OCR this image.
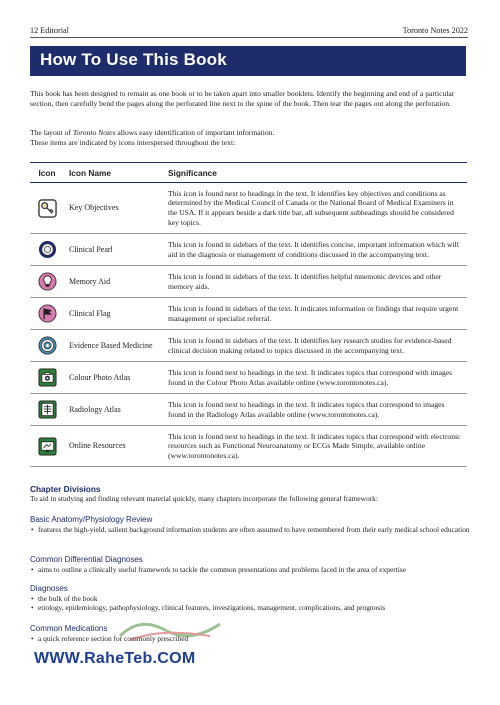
12 Editorial	Toronto Notes 2022
How To Use This Book
This book has been designed to remain as one book or to be taken apart into smaller booklets. Identify the beginning and end of a particular section, then carefully bend the pages along the perforated line next to the spine of the book. Then tear the pages out along the perforation.
The layout of Toronto Notes allows easy identification of important information.
These items are indicated by icons interspersed throughout the text:
Icon	Icon Name	Significance
	Key Objectives	This icon is found next to headings in the text. It identifies key objectives and conditions as determined by the Medical Council of Canada or the National Board of Medical Examiners in the USA. If it appears beside a dark title bar, all subsequent subheadings should be considered key topics.
	Clinical Pearl	This icon is found in sidebars of the text. It identifies concise, important information which will aid in the diagnosis or management of conditions discussed in the accompanying text.
	Memory Aid	This icon is found in sidebars of the text. It identifies helpful mnemonic devices and other memory aids.
	Clinical Flag	This icon is found in sidebars of the text. It indicates information or findings that require urgent management or specialist referral.
	Evidence Based Medicine	This icon is found in sidebars of the text. It identifies key research studies for evidence-based clinical decision making related to topics discussed in the accompanying text.
	Colour Photo Atlas	This icon is found next to headings in the text. It indicates topics that correspond with images found in the Colour Photo Atlas available online (www.torontonotes.ca).
	Radiology Atlas	This icon is found next to headings in the text. It indicates topics that correspond to images found in the Radiology Atlas available online (www.torontonotes.ca).
	Online Resources	This icon is found next to headings in the text. It indicates topics that correspond with electronic resources such as Functional Neuroanatomy or ECGs Made Simple, available online (www.torontonotes.ca).
Chapter Divisions

To aid in studying and finding relevant material quickly, many chapters incorporate the following general framework:

Basic Anatomy/Physiology Review
• features the high-yield, salient background information students are often assumed to have remembered from their early medical school education
Common Differential Diagnoses
• aims to outline a clinically useful framework to tackle the common presentations and problems faced in the area of expertise
Diagnoses
• the bulk of the book
• etiology, epidemiology, pathophysiology, clinical features, investigations, management, complications, and prognosis
Common Medications
• a quick reference section for commonly prescribed
WWW.RaheTeb.COM
